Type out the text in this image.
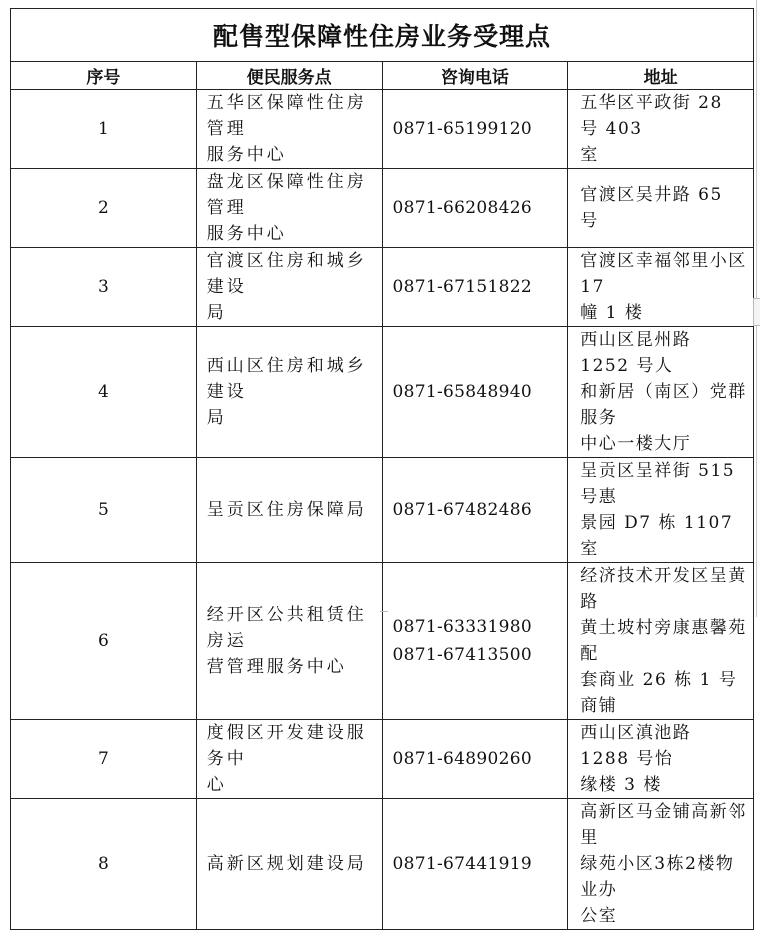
配售型保障性住房业务受理点			
序号	便民服务点	咨询电话	地址
1	五华区保障性住房管理
服务中心	0871-65199120	五华区平政街 28 号 403
室

2	盘龙区保障性住房管理
服务中心	0871-66208426	官渡区吴井路 65 号

3	官渡区住房和城乡建设
局	0871-67151822	官渡区幸福邻里小区 17
幢 1 楼

4	西山区住房和城乡建设
局	0871-65848940	西山区昆州路 1252 号人
和新居（南区）党群服务
中心一楼大厅

5	呈贡区住房保障局	0871-67482486	呈贡区呈祥街 515 号惠
景园 D7 栋 1107 室

6	经开区公共租赁住房运
营管理服务中心	0871-63331980
0871-67413500	经济技术开发区呈黄路
黄土坡村旁康惠馨苑配
套商业 26 栋 1 号商铺

7	度假区开发建设服务中
心	0871-64890260	西山区滇池路 1288 号怡
缘楼 3 楼

8	高新区规划建设局	0871-67441919	高新区马金铺高新邻里
绿苑小区3栋2楼物业办
公室
